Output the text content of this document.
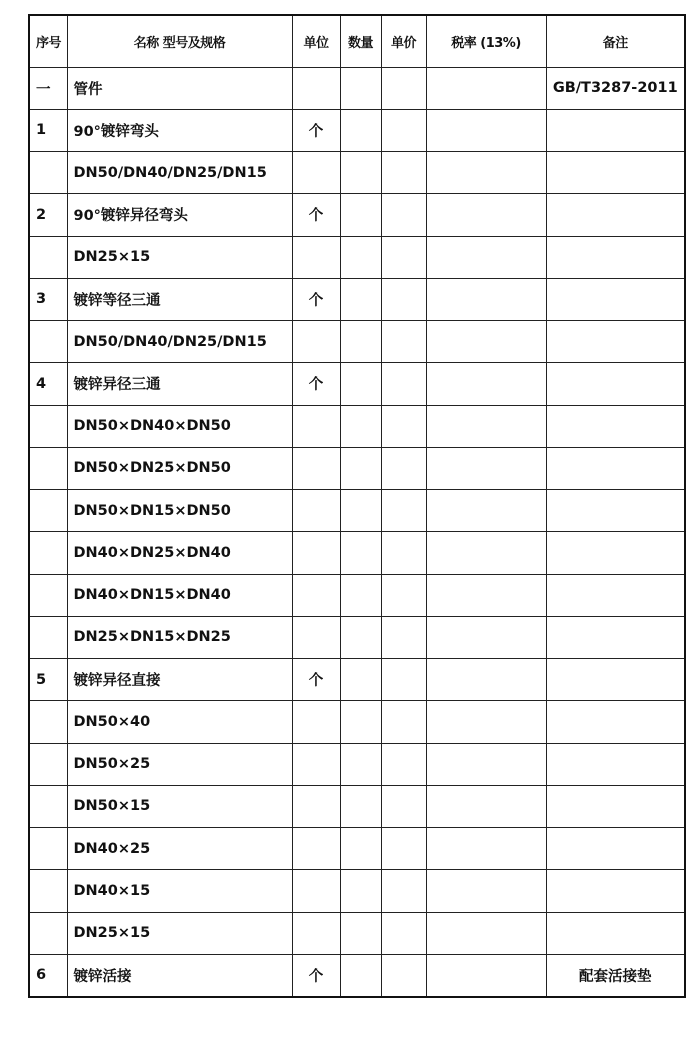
序号	名称 型号及规格	单位	数量	单价	税率 (13%)	备注
一	管件					GB/T3287-2011
1	90°镀锌弯头	个				
	DN50/DN40/DN25/DN15					
2	90°镀锌异径弯头	个				
	DN25×15					
3	镀锌等径三通	个				
	DN50/DN40/DN25/DN15					
4	镀锌异径三通	个				
	DN50×DN40×DN50					
	DN50×DN25×DN50					
	DN50×DN15×DN50					
	DN40×DN25×DN40					
	DN40×DN15×DN40					
	DN25×DN15×DN25					
5	镀锌异径直接	个				
	DN50×40					
	DN50×25					
	DN50×15					
	DN40×25					
	DN40×15					
	DN25×15					
6	镀锌活接	个				配套活接垫
